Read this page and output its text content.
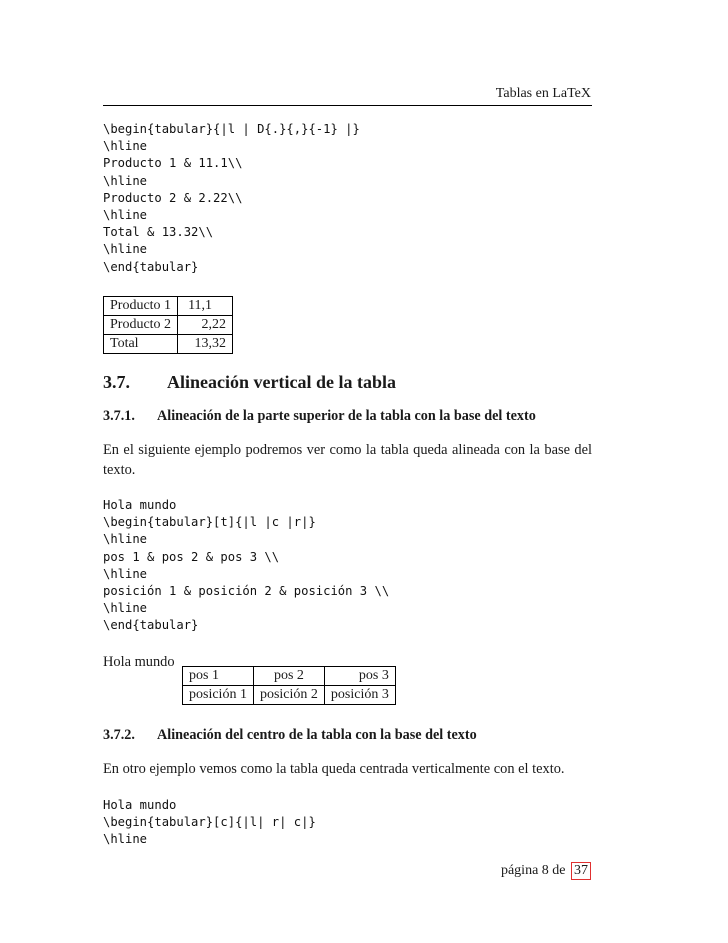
Tablas en LaTeX
\begin{tabular}{|l | D{.}{,}{-1} |}
\hline
Producto 1 & 11.1\\
\hline
Producto 2 & 2.22\\
\hline
Total & 13.32\\
\hline
\end{tabular}
Producto 1	11,1
Producto 2	2,22
Total	13,32
3.7. Alineación vertical de la tabla
3.7.1. Alineación de la parte superior de la tabla con la base del texto
En el siguiente ejemplo podremos ver como la tabla queda alineada con la base del texto.
Hola mundo
\begin{tabular}[t]{|l |c |r|}
\hline
pos 1 & pos 2 & pos 3 \\
\hline
posición 1 & posición 2 & posición 3 \\
\hline
\end{tabular}
Hola mundo
pos 1	pos 2	pos 3
posición 1	posición 2	posición 3
3.7.2. Alineación del centro de la tabla con la base del texto
En otro ejemplo vemos como la tabla queda centrada verticalmente con el texto.
Hola mundo
\begin{tabular}[c]{|l| r| c|}
\hline
página 8 de 37
